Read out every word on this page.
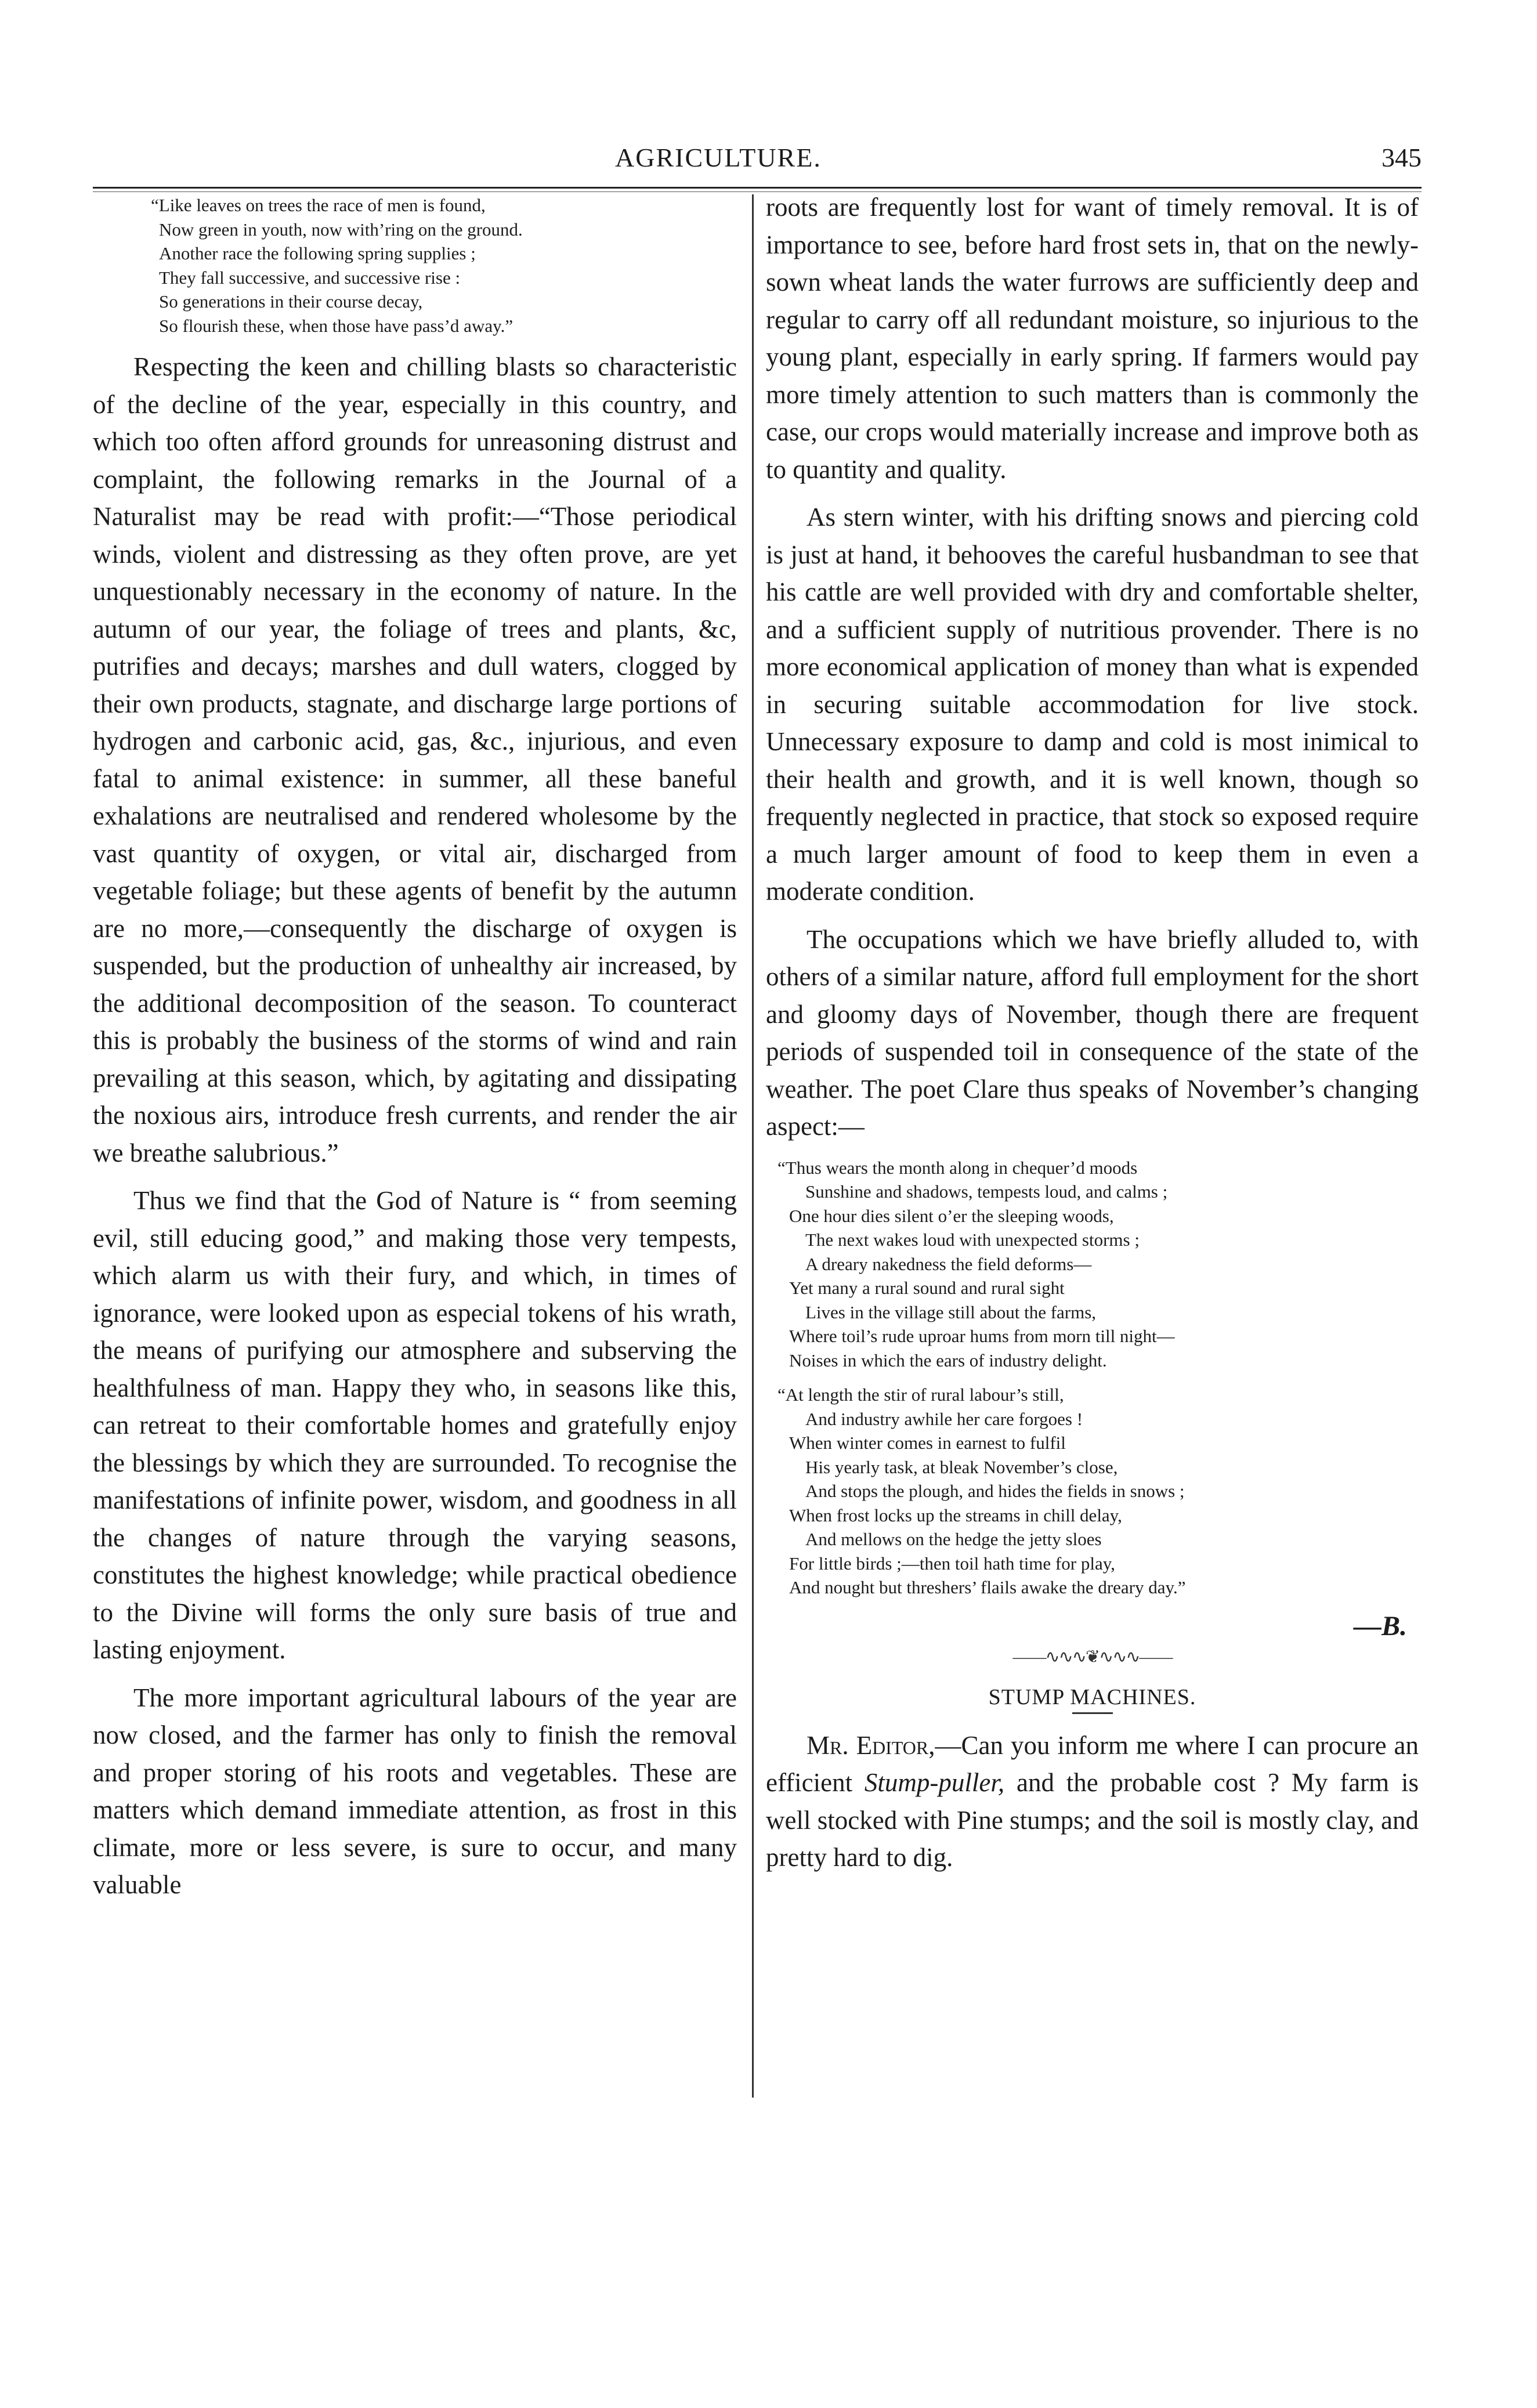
AGRICULTURE.	345
“Like leaves on trees the race of men is found,
Now green in youth, now with’ring on the ground.
Another race the following spring supplies ;
They fall successive, and successive rise :
So generations in their course decay,
So flourish these, when those have pass’d away.”

Respecting the keen and chilling blasts so characteristic of the decline of the year, especially in this country, and which too often afford grounds for unreasoning distrust and complaint, the following remarks in the Journal of a Naturalist may be read with profit:—“Those periodical winds, violent and distressing as they often prove, are yet unquestionably necessary in the economy of nature. In the autumn of our year, the foliage of trees and plants, &c, putrifies and decays; marshes and dull waters, clogged by their own products, stagnate, and discharge large portions of hydrogen and carbonic acid, gas, &c., injurious, and even fatal to animal existence: in summer, all these baneful exhalations are neutralised and rendered wholesome by the vast quantity of oxygen, or vital air, discharged from vegetable foliage; but these agents of benefit by the autumn are no more,—consequently the discharge of oxygen is suspended, but the production of unhealthy air increased, by the additional decomposition of the season. To counteract this is probably the business of the storms of wind and rain prevailing at this season, which, by agitating and dissipating the noxious airs, introduce fresh currents, and render the air we breathe salubrious.”

Thus we find that the God of Nature is “ from seeming evil, still educing good,” and making those very tempests, which alarm us with their fury, and which, in times of ignorance, were looked upon as especial tokens of his wrath, the means of purifying our atmosphere and subserving the healthfulness of man. Happy they who, in seasons like this, can retreat to their comfortable homes and gratefully enjoy the blessings by which they are surrounded. To recognise the manifestations of infinite power, wisdom, and goodness in all the changes of nature through the varying seasons, constitutes the highest knowledge; while practical obedience to the Divine will forms the only sure basis of true and lasting enjoyment.

The more important agricultural labours of the year are now closed, and the farmer has only to finish the removal and proper storing of his roots and vegetables. These are matters which demand immediate attention, as frost in this climate, more or less severe, is sure to occur, and many valuable

roots are frequently lost for want of timely removal. It is of importance to see, before hard frost sets in, that on the newly-sown wheat lands the water furrows are sufficiently deep and regular to carry off all redundant moisture, so injurious to the young plant, especially in early spring. If farmers would pay more timely attention to such matters than is commonly the case, our crops would materially increase and improve both as to quantity and quality.

As stern winter, with his drifting snows and piercing cold is just at hand, it behooves the careful husbandman to see that his cattle are well provided with dry and comfortable shelter, and a sufficient supply of nutritious provender. There is no more economical application of money than what is expended in securing suitable accommodation for live stock. Unnecessary exposure to damp and cold is most inimical to their health and growth, and it is well known, though so frequently neglected in practice, that stock so exposed require a much larger amount of food to keep them in even a moderate condition.

The occupations which we have briefly alluded to, with others of a similar nature, afford full employment for the short and gloomy days of November, though there are frequent periods of suspended toil in consequence of the state of the weather. The poet Clare thus speaks of November’s changing aspect:—

“Thus wears the month along in chequer’d moods
Sunshine and shadows, tempests loud, and calms ;
One hour dies silent o’er the sleeping woods,
The next wakes loud with unexpected storms ;
A dreary nakedness the field deforms—
Yet many a rural sound and rural sight
Lives in the village still about the farms,
Where toil’s rude uproar hums from morn till night—
Noises in which the ears of industry delight.
“At length the stir of rural labour’s still,
And industry awhile her care forgoes !
When winter comes in earnest to fulfil
His yearly task, at bleak November’s close,
And stops the plough, and hides the fields in snows ;
When frost locks up the streams in chill delay,
And mellows on the hedge the jetty sloes
For little birds ;—then toil hath time for play,
And nought but threshers’ flails awake the dreary day.”
—B.
——∿∿∿❦∿∿∿——
STUMP MACHINES.

Mr. Editor,—Can you inform me where I can procure an efficient Stump-puller, and the probable cost ? My farm is well stocked with Pine stumps; and the soil is mostly clay, and pretty hard to dig.
